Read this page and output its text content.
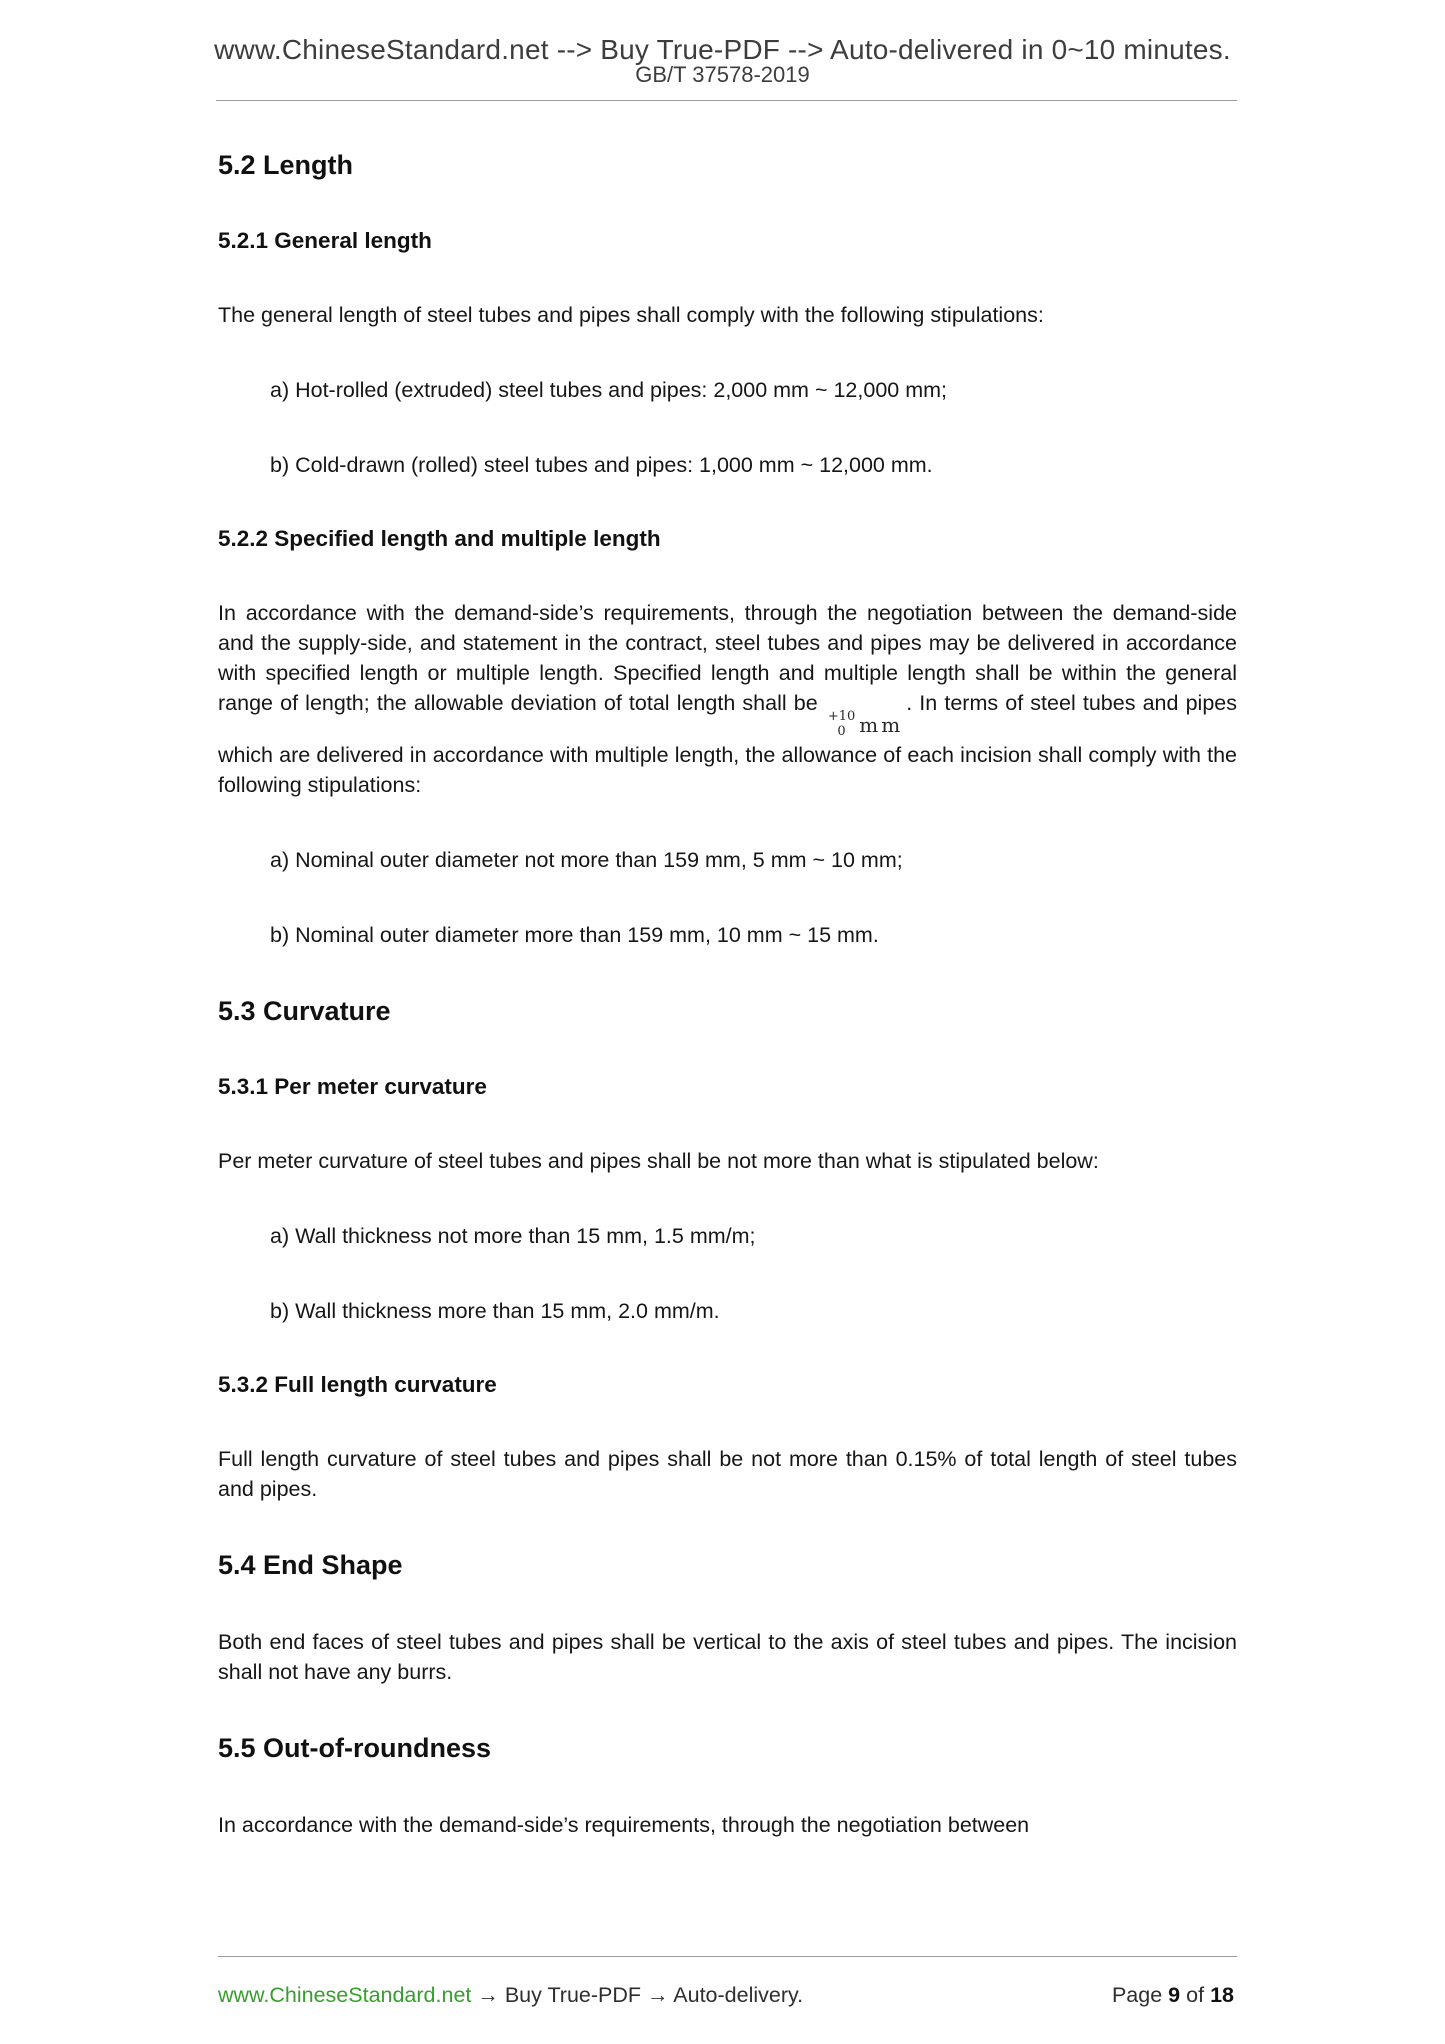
www.ChineseStandard.net --> Buy True-PDF --> Auto-delivered in 0~10 minutes.
GB/T 37578-2019
5.2 Length
5.2.1 General length

The general length of steel tubes and pipes shall comply with the following stipulations:

a) Hot-rolled (extruded) steel tubes and pipes: 2,000 mm ~ 12,000 mm;

b) Cold-drawn (rolled) steel tubes and pipes: 1,000 mm ~ 12,000 mm.

5.2.2 Specified length and multiple length

In accordance with the demand-side’s requirements, through the negotiation between the demand-side and the supply-side, and statement in the contract, steel tubes and pipes may be delivered in accordance with specified length or multiple length. Specified length and multiple length shall be within the general range of length; the allowable deviation of total length shall be
+10
0 mm
. In terms of steel tubes and pipes which are delivered in accordance with multiple length, the allowance of each incision shall comply with the following stipulations:

a) Nominal outer diameter not more than 159 mm, 5 mm ~ 10 mm;

b) Nominal outer diameter more than 159 mm, 10 mm ~ 15 mm.

5.3 Curvature
5.3.1 Per meter curvature

Per meter curvature of steel tubes and pipes shall be not more than what is stipulated below:

a) Wall thickness not more than 15 mm, 1.5 mm/m;

b) Wall thickness more than 15 mm, 2.0 mm/m.

5.3.2 Full length curvature

Full length curvature of steel tubes and pipes shall be not more than 0.15% of total length of steel tubes and pipes.

5.4 End Shape

Both end faces of steel tubes and pipes shall be vertical to the axis of steel tubes and pipes. The incision shall not have any burrs.

5.5 Out-of-roundness

In accordance with the demand-side’s requirements, through the negotiation between

www.ChineseStandard.net → Buy True-PDF → Auto-delivery.	Page 9 of 18
